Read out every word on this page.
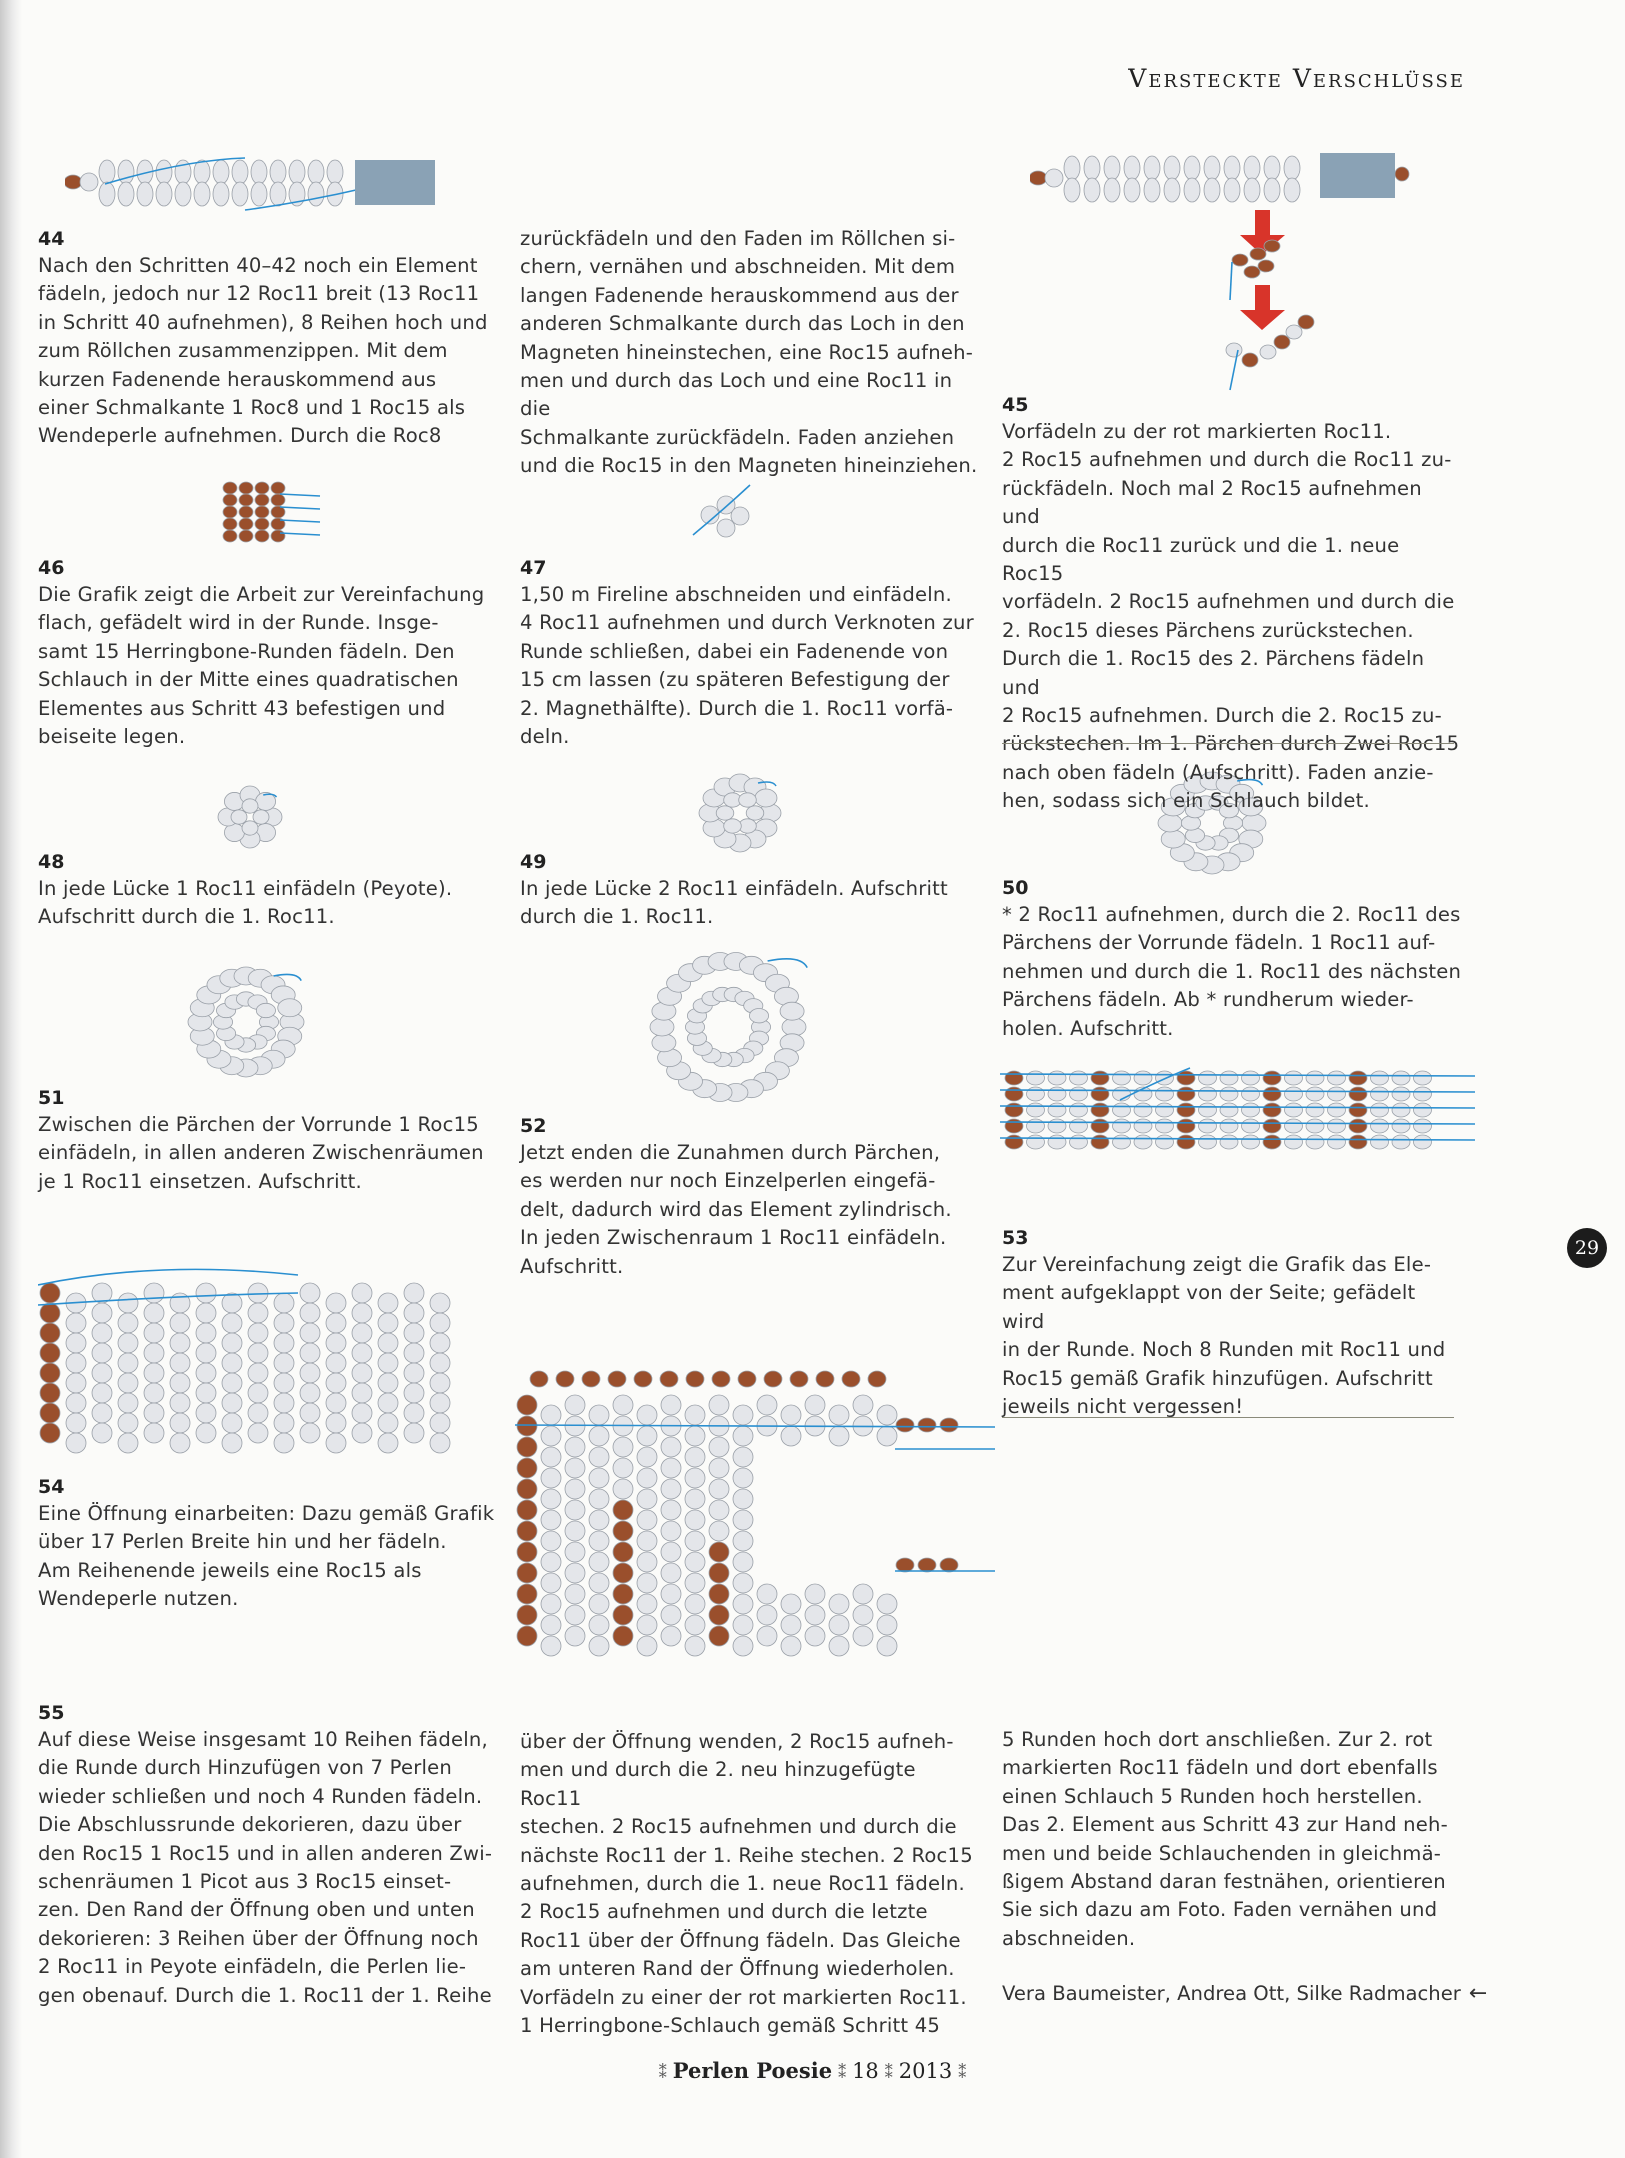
Versteckte Verschlüsse
44
Nach den Schritten 40–42 noch ein Element
fädeln, jedoch nur 12 Roc11 breit (13 Roc11
in Schritt 40 aufnehmen), 8 Reihen hoch und
zum Röllchen zusammenzippen. Mit dem
kurzen Fadenende herauskommend aus
einer Schmalkante 1 Roc8 und 1 Roc15 als
Wendeperle aufnehmen. Durch die Roc8
zurückfädeln und den Faden im Röllchen si-
chern, vernähen und abschneiden. Mit dem
langen Fadenende herauskommend aus der
anderen Schmalkante durch das Loch in den
Magneten hineinstechen, eine Roc15 aufneh-
men und durch das Loch und eine Roc11 in die
Schmalkante zurückfädeln. Faden anziehen
und die Roc15 in den Magneten hineinziehen.
45
Vorfädeln zu der rot markierten Roc11.
2 Roc15 aufnehmen und durch die Roc11 zu-
rückfädeln. Noch mal 2 Roc15 aufnehmen und
durch die Roc11 zurück und die 1. neue Roc15
vorfädeln. 2 Roc15 aufnehmen und durch die
2. Roc15 dieses Pärchens zurückstechen.
Durch die 1. Roc15 des 2. Pärchens fädeln und
2 Roc15 aufnehmen. Durch die 2. Roc15 zu-
rückstechen. Im 1. Pärchen durch Zwei Roc15
nach oben fädeln (Aufschritt). Faden anzie-
hen, sodass sich ein Schlauch bildet.
46
Die Grafik zeigt die Arbeit zur Vereinfachung
flach, gefädelt wird in der Runde. Insge-
samt 15 Herringbone-Runden fädeln. Den
Schlauch in der Mitte eines quadratischen
Elementes aus Schritt 43 befestigen und
beiseite legen.
47
1,50 m Fireline abschneiden und einfädeln.
4 Roc11 aufnehmen und durch Verknoten zur
Runde schließen, dabei ein Fadenende von
15 cm lassen (zu späteren Befestigung der
2. Magnethälfte). Durch die 1. Roc11 vorfä-
deln.
48
In jede Lücke 1 Roc11 einfädeln (Peyote).
Aufschritt durch die 1. Roc11.
49
In jede Lücke 2 Roc11 einfädeln. Aufschritt
durch die 1. Roc11.
50
* 2 Roc11 aufnehmen, durch die 2. Roc11 des
Pärchens der Vorrunde fädeln. 1 Roc11 auf-
nehmen und durch die 1. Roc11 des nächsten
Pärchens fädeln. Ab * rundherum wieder-
holen. Aufschritt.
51
Zwischen die Pärchen der Vorrunde 1 Roc15
einfädeln, in allen anderen Zwischenräumen
je 1 Roc11 einsetzen. Aufschritt.
52
Jetzt enden die Zunahmen durch Pärchen,
es werden nur noch Einzelperlen eingefä-
delt, dadurch wird das Element zylindrisch.
In jeden Zwischenraum 1 Roc11 einfädeln.
Aufschritt.
53
Zur Vereinfachung zeigt die Grafik das Ele-
ment aufgeklappt von der Seite; gefädelt wird
in der Runde. Noch 8 Runden mit Roc11 und
Roc15 gemäß Grafik hinzufügen. Aufschritt
jeweils nicht vergessen!
54
Eine Öffnung einarbeiten: Dazu gemäß Grafik
über 17 Perlen Breite hin und her fädeln.
Am Reihenende jeweils eine Roc15 als
Wendeperle nutzen.
55
Auf diese Weise insgesamt 10 Reihen fädeln,
die Runde durch Hinzufügen von 7 Perlen
wieder schließen und noch 4 Runden fädeln.
Die Abschlussrunde dekorieren, dazu über
den Roc15 1 Roc15 und in allen anderen Zwi-
schenräumen 1 Picot aus 3 Roc15 einset-
zen. Den Rand der Öffnung oben und unten
dekorieren: 3 Reihen über der Öffnung noch
2 Roc11 in Peyote einfädeln, die Perlen lie-
gen obenauf. Durch die 1. Roc11 der 1. Reihe
über der Öffnung wenden, 2 Roc15 aufneh-
men und durch die 2. neu hinzugefügte Roc11
stechen. 2 Roc15 aufnehmen und durch die
nächste Roc11 der 1. Reihe stechen. 2 Roc15
aufnehmen, durch die 1. neue Roc11 fädeln.
2 Roc15 aufnehmen und durch die letzte
Roc11 über der Öffnung fädeln. Das Gleiche
am unteren Rand der Öffnung wiederholen.
Vorfädeln zu einer der rot markierten Roc11.
1 Herringbone-Schlauch gemäß Schritt 45
5 Runden hoch dort anschließen. Zur 2. rot
markierten Roc11 fädeln und dort ebenfalls
einen Schlauch 5 Runden hoch herstellen.
Das 2. Element aus Schritt 43 zur Hand neh-
men und beide Schlauchenden in gleichmä-
ßigem Abstand daran festnähen, orientieren
Sie sich dazu am Foto. Faden vernähen und
abschneiden.
Vera Baumeister, Andrea Ott, Silke Radmacher ←
29
⁑ Perlen Poesie ⁑ 18 ⁑ 2013 ⁑
